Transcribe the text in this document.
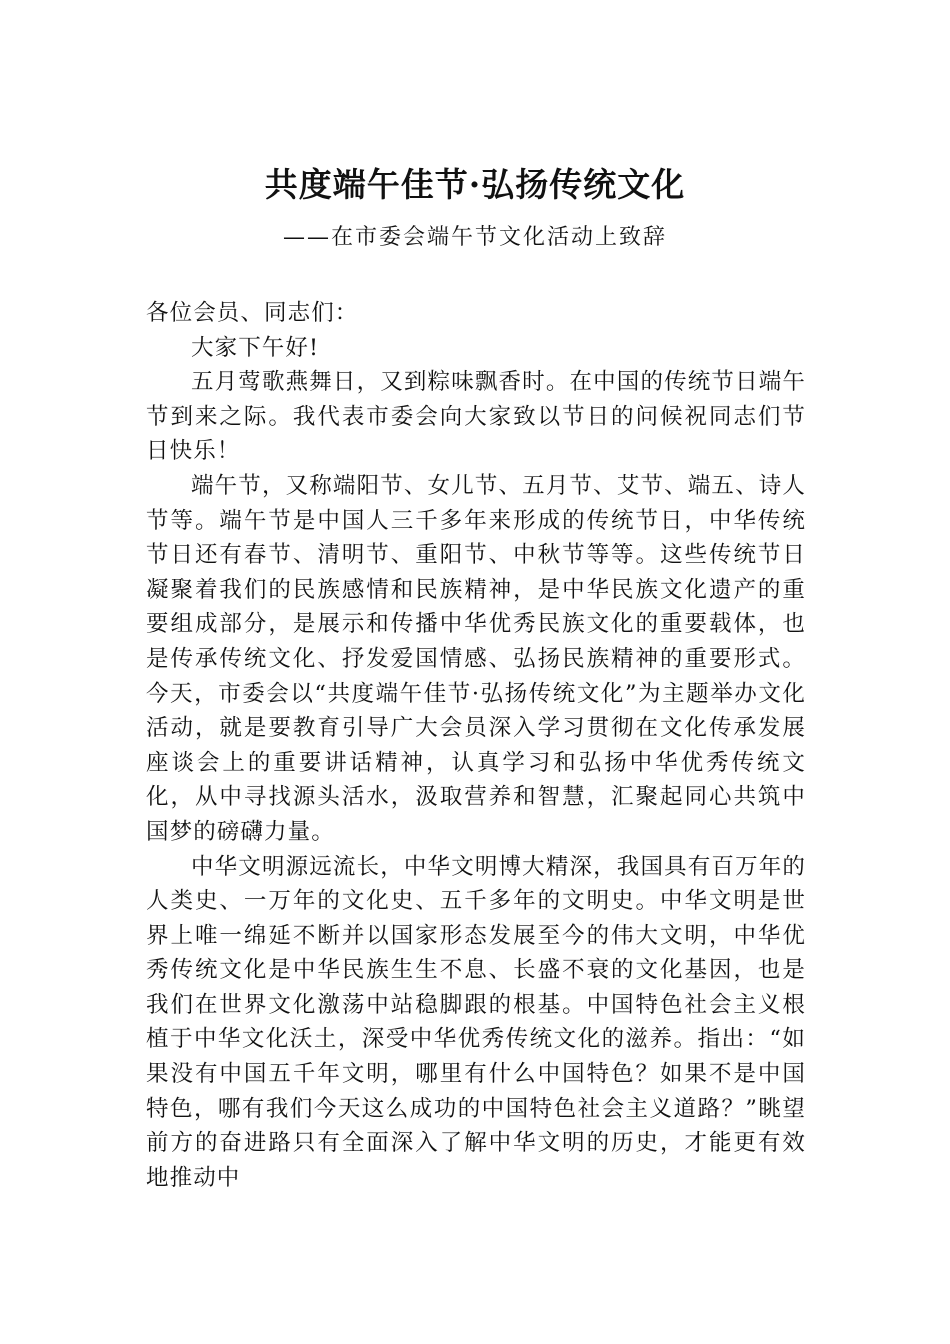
共度端午佳节·弘扬传统文化
——在市委会端午节文化活动上致辞

各位会员、同志们：

大家下午好!

五月莺歌燕舞日，又到粽味飘香时。在中国的传统节日端午节到来之际。我代表市委会向大家致以节日的问候祝同志们节日快乐！

端午节，又称端阳节、女儿节、五月节、艾节、端五、诗人节等。端午节是中国人三千多年来形成的传统节日，中华传统节日还有春节、清明节、重阳节、中秋节等等。这些传统节日凝聚着我们的民族感情和民族精神，是中华民族文化遗产的重要组成部分，是展示和传播中华优秀民族文化的重要载体，也是传承传统文化、抒发爱国情感、弘扬民族精神的重要形式。今天，市委会以“共度端午佳节·弘扬传统文化”为主题举办文化活动，就是要教育引导广大会员深入学习贯彻在文化传承发展座谈会上的重要讲话精神，认真学习和弘扬中华优秀传统文化，从中寻找源头活水，汲取营养和智慧，汇聚起同心共筑中国梦的磅礴力量。

中华文明源远流长，中华文明博大精深，我国具有百万年的人类史、一万年的文化史、五千多年的文明史。中华文明是世界上唯一绵延不断并以国家形态发展至今的伟大文明，中华优秀传统文化是中华民族生生不息、长盛不衰的文化基因，也是我们在世界文化激荡中站稳脚跟的根基。中国特色社会主义根植于中华文化沃土，深受中华优秀传统文化的滋养。指出：“如果没有中国五千年文明，哪里有什么中国特色？如果不是中国特色，哪有我们今天这么成功的中国特色社会主义道路？”眺望前方的奋进路只有全面深入了解中华文明的历史，才能更有效地推动中
